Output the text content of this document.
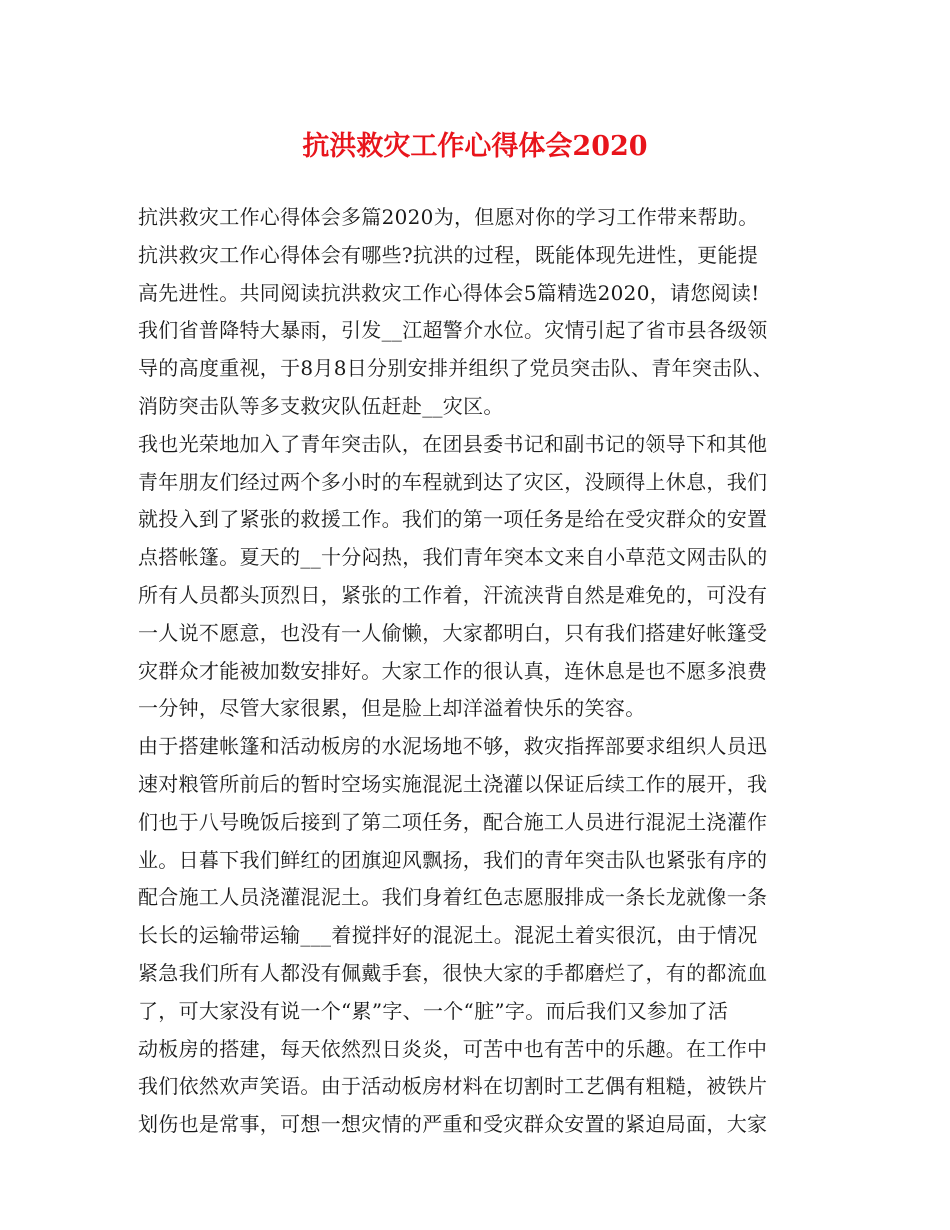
抗洪救灾工作心得体会2020
抗洪救灾工作心得体会多篇2020为，但愿对你的学习工作带来帮助。
抗洪救灾工作心得体会有哪些?抗洪的过程，既能体现先进性，更能提
高先进性。共同阅读抗洪救灾工作心得体会5篇精选2020，请您阅读!
我们省普降特大暴雨，引发__江超警介水位。灾情引起了省市县各级领
导的高度重视，于8月8日分别安排并组织了党员突击队、青年突击队、
消防突击队等多支救灾队伍赶赴__灾区。
我也光荣地加入了青年突击队，在团县委书记和副书记的领导下和其他
青年朋友们经过两个多小时的车程就到达了灾区，没顾得上休息，我们
就投入到了紧张的救援工作。我们的第一项任务是给在受灾群众的安置
点搭帐篷。夏天的__十分闷热，我们青年突本文来自小草范文网击队的
所有人员都头顶烈日，紧张的工作着，汗流浃背自然是难免的，可没有
一人说不愿意，也没有一人偷懒，大家都明白，只有我们搭建好帐篷受
灾群众才能被加数安排好。大家工作的很认真，连休息是也不愿多浪费
一分钟，尽管大家很累，但是脸上却洋溢着快乐的笑容。
由于搭建帐篷和活动板房的水泥场地不够，救灾指挥部要求组织人员迅
速对粮管所前后的暂时空场实施混泥土浇灌以保证后续工作的展开，我
们也于八号晚饭后接到了第二项任务，配合施工人员进行混泥土浇灌作
业。日暮下我们鲜红的团旗迎风飘扬，我们的青年突击队也紧张有序的
配合施工人员浇灌混泥土。我们身着红色志愿服排成一条长龙就像一条
长长的运输带运输___着搅拌好的混泥土。混泥土着实很沉，由于情况
紧急我们所有人都没有佩戴手套，很快大家的手都磨烂了，有的都流血
了，可大家没有说一个“累”字、一个“脏”字。而后我们又参加了活
动板房的搭建，每天依然烈日炎炎，可苦中也有苦中的乐趣。在工作中
我们依然欢声笑语。由于活动板房材料在切割时工艺偶有粗糙，被铁片
划伤也是常事，可想一想灾情的严重和受灾群众安置的紧迫局面，大家
